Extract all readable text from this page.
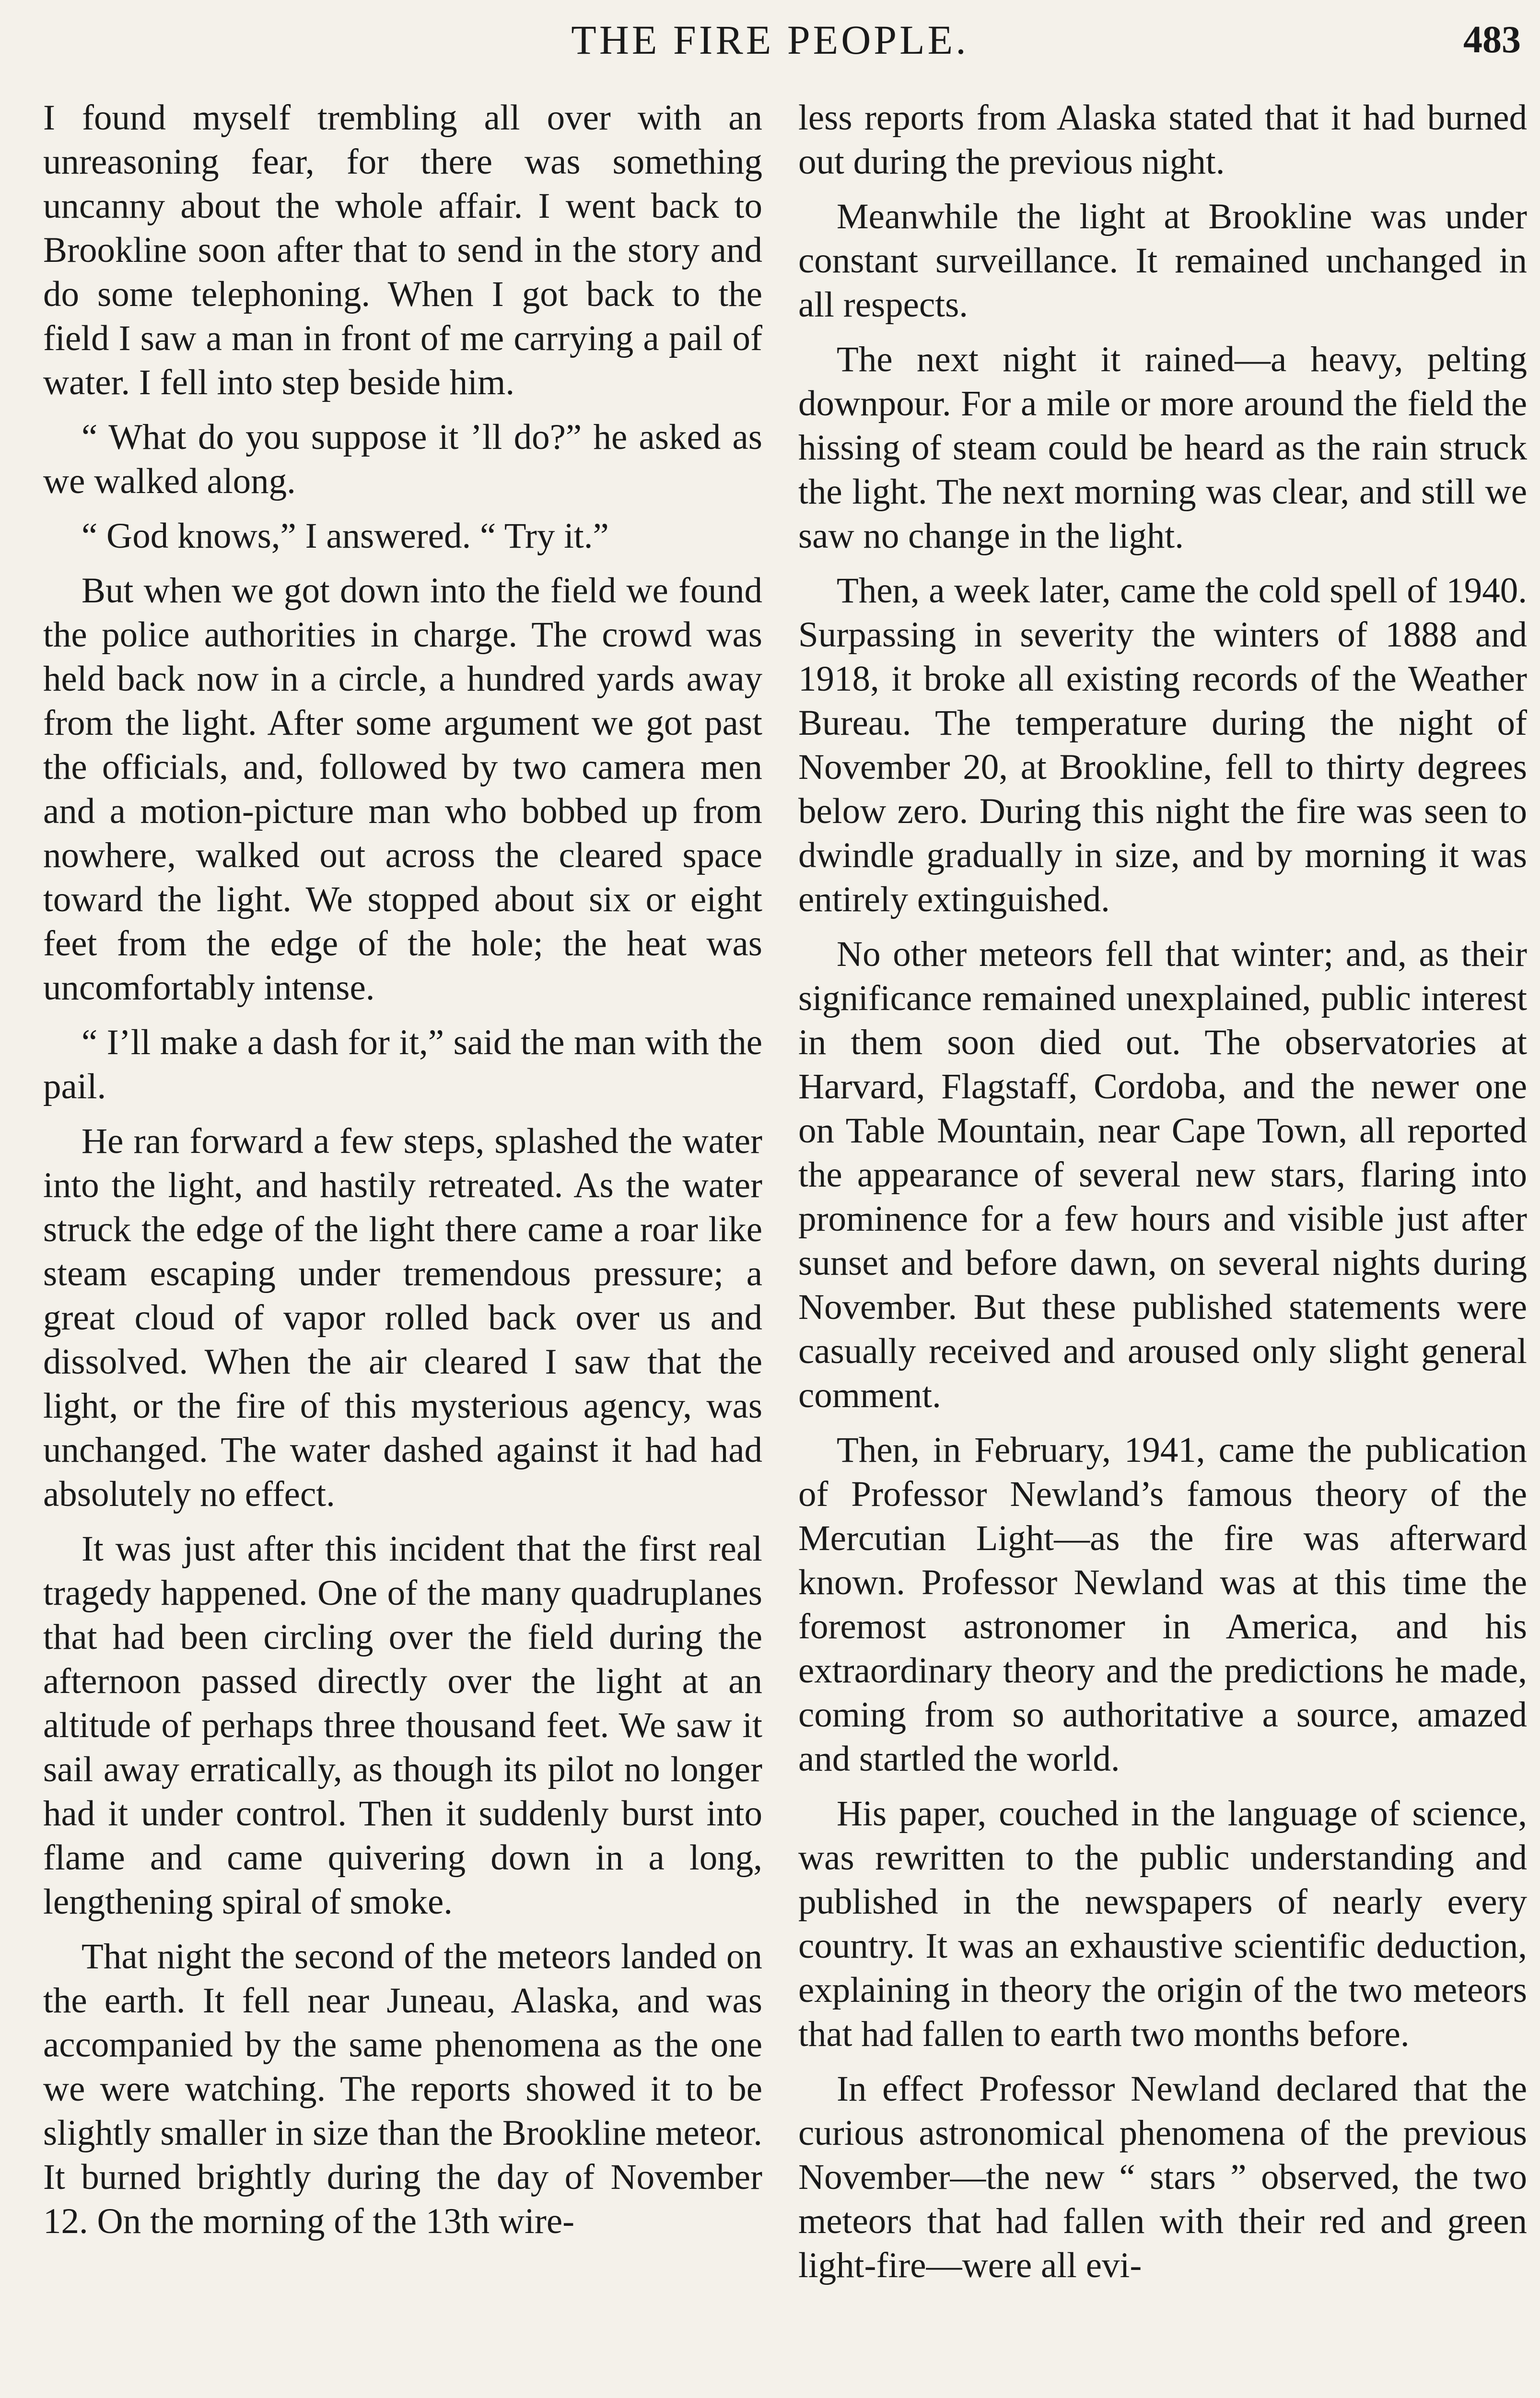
THE FIRE PEOPLE.	483

I found myself trembling all over with an unreasoning fear, for there was something uncanny about the whole affair. I went back to Brookline soon after that to send in the story and do some telephoning. When I got back to the field I saw a man in front of me carrying a pail of water. I fell into step beside him.

“ What do you suppose it ’ll do?” he asked as we walked along.

“ God knows,” I answered. “ Try it.”

But when we got down into the field we found the police authorities in charge. The crowd was held back now in a circle, a hundred yards away from the light. After some argument we got past the officials, and, followed by two camera men and a motion-picture man who bobbed up from nowhere, walked out across the cleared space toward the light. We stopped about six or eight feet from the edge of the hole; the heat was uncomfortably intense.

“ I’ll make a dash for it,” said the man with the pail.

He ran forward a few steps, splashed the water into the light, and hastily retreated. As the water struck the edge of the light there came a roar like steam escaping under tremendous pressure; a great cloud of vapor rolled back over us and dissolved. When the air cleared I saw that the light, or the fire of this mysterious agency, was unchanged. The water dashed against it had had absolutely no effect.

It was just after this incident that the first real tragedy happened. One of the many quadruplanes that had been circling over the field during the afternoon passed directly over the light at an altitude of perhaps three thousand feet. We saw it sail away erratically, as though its pilot no longer had it under control. Then it suddenly burst into flame and came quivering down in a long, lengthening spiral of smoke.

That night the second of the meteors landed on the earth. It fell near Juneau, Alaska, and was accompanied by the same phenomena as the one we were watching. The reports showed it to be slightly smaller in size than the Brookline meteor. It burned brightly during the day of November 12. On the morning of the 13th wire-

less reports from Alaska stated that it had burned out during the previous night.

Meanwhile the light at Brookline was under constant surveillance. It remained unchanged in all respects.

The next night it rained—a heavy, pelting downpour. For a mile or more around the field the hissing of steam could be heard as the rain struck the light. The next morning was clear, and still we saw no change in the light.

Then, a week later, came the cold spell of 1940. Surpassing in severity the winters of 1888 and 1918, it broke all existing records of the Weather Bureau. The temperature during the night of November 20, at Brookline, fell to thirty degrees below zero. During this night the fire was seen to dwindle gradually in size, and by morning it was entirely extinguished.

No other meteors fell that winter; and, as their significance remained unexplained, public interest in them soon died out. The observatories at Harvard, Flagstaff, Cordoba, and the newer one on Table Mountain, near Cape Town, all reported the appearance of several new stars, flaring into prominence for a few hours and visible just after sunset and before dawn, on several nights during November. But these published statements were casually received and aroused only slight general comment.

Then, in February, 1941, came the publication of Professor Newland’s famous theory of the Mercutian Light—as the fire was afterward known. Professor Newland was at this time the foremost astronomer in America, and his extraordinary theory and the predictions he made, coming from so authoritative a source, amazed and startled the world.

His paper, couched in the language of science, was rewritten to the public understanding and published in the newspapers of nearly every country. It was an exhaustive scientific deduction, explaining in theory the origin of the two meteors that had fallen to earth two months before.

In effect Professor Newland declared that the curious astronomical phenomena of the previous November—the new “ stars ” observed, the two meteors that had fallen with their red and green light-fire—were all evi-
